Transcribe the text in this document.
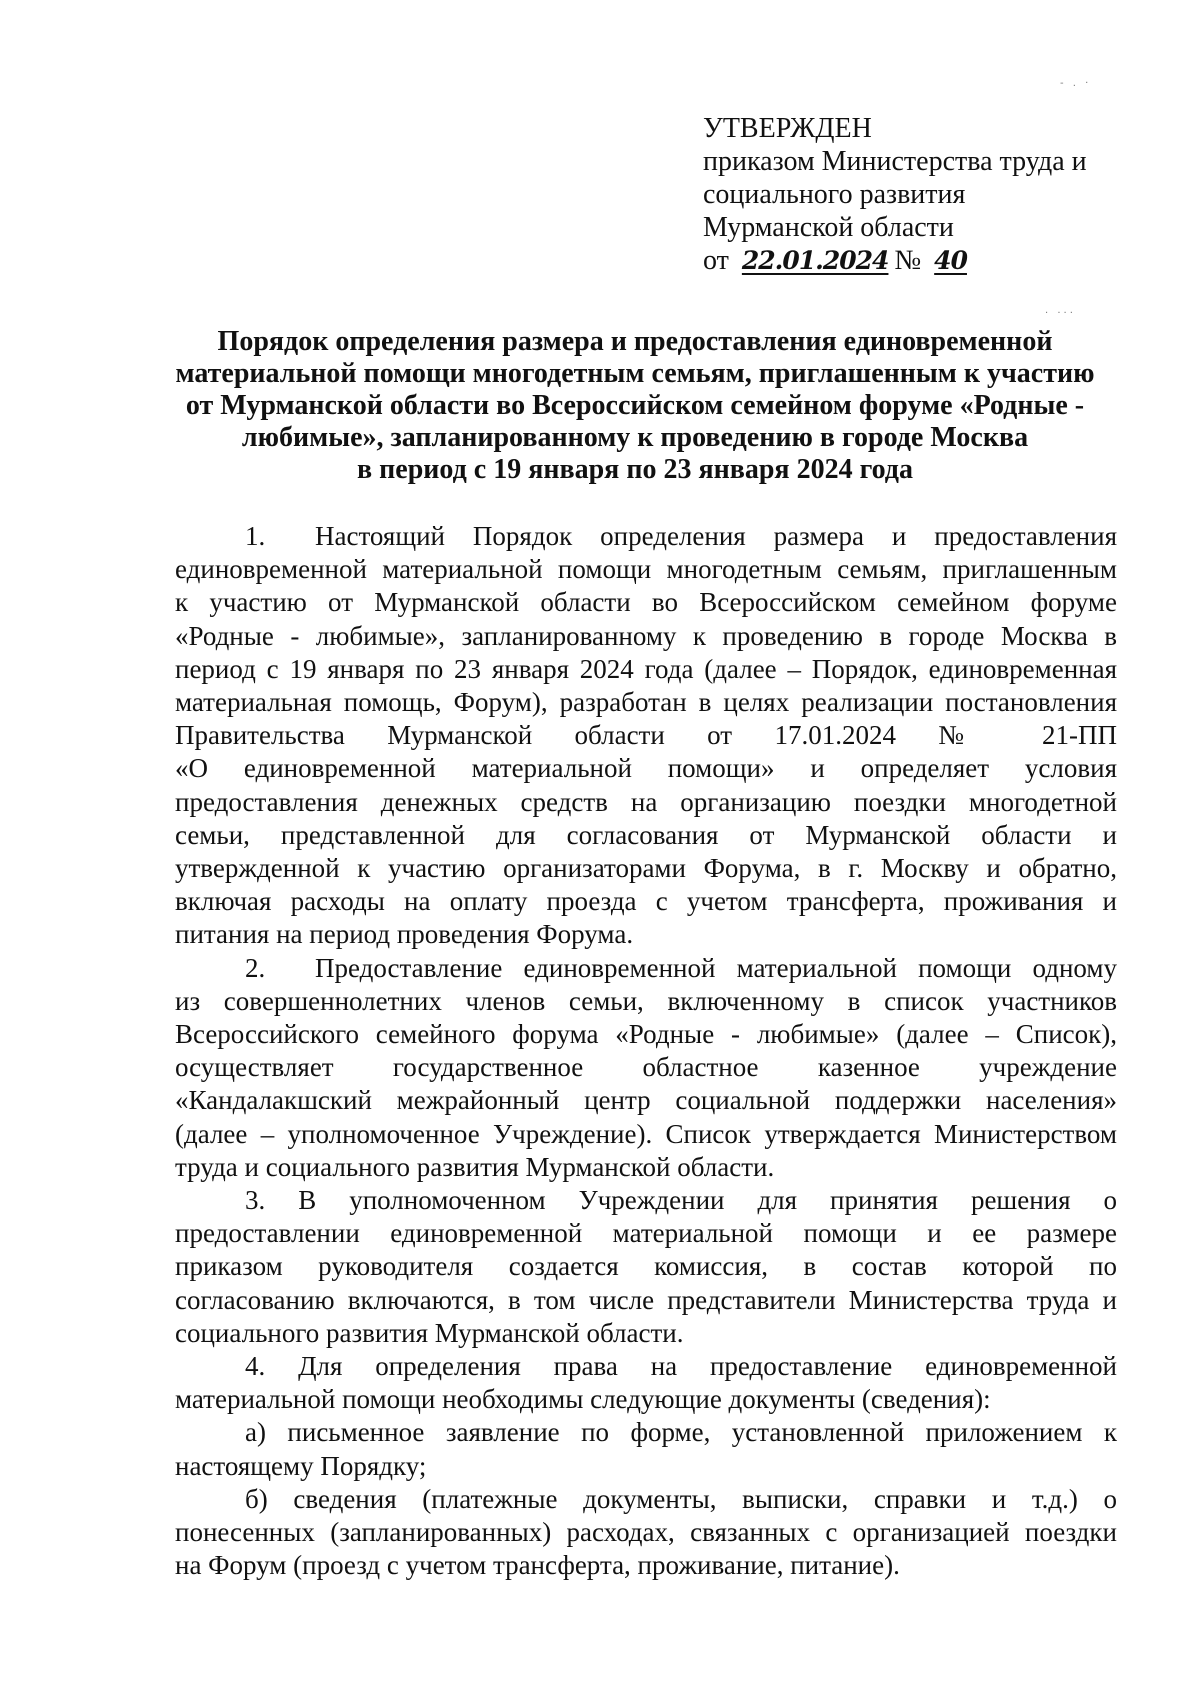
- . ·
. ...
УТВЕРЖДЕН
приказом Министерства труда и
социального развития
Мурманской области
от 22.01.2024 № 40
Порядок определения размера и предоставления единовременной
материальной помощи многодетным семьям, приглашенным к участию
от Мурманской области во Всероссийском семейном форуме «Родные -
любимые», запланированному к проведению в городе Москва
в период с 19 января по 23 января 2024 года
1. Настоящий Порядок определения размера и предоставления
единовременной материальной помощи многодетным семьям, приглашенным
к участию от Мурманской области во Всероссийском семейном форуме
«Родные - любимые», запланированному к проведению в городе Москва в
период с 19 января по 23 января 2024 года (далее – Порядок, единовременная
материальная помощь, Форум), разработан в целях реализации постановления
Правительства Мурманской области от 17.01.2024 № 21-ПП
«О единовременной материальной помощи» и определяет условия
предоставления денежных средств на организацию поездки многодетной
семьи, представленной для согласования от Мурманской области и
утвержденной к участию организаторами Форума, в г. Москву и обратно,
включая расходы на оплату проезда с учетом трансферта, проживания и
питания на период проведения Форума.
2. Предоставление единовременной материальной помощи одному
из совершеннолетних членов семьи, включенному в список участников
Всероссийского семейного форума «Родные - любимые» (далее – Список),
осуществляет государственное областное казенное учреждение
«Кандалакшский межрайонный центр социальной поддержки населения»
(далее – уполномоченное Учреждение). Список утверждается Министерством
труда и социального развития Мурманской области.
3. В уполномоченном Учреждении для принятия решения о
предоставлении единовременной материальной помощи и ее размере
приказом руководителя создается комиссия, в состав которой по
согласованию включаются, в том числе представители Министерства труда и
социального развития Мурманской области.
4. Для определения права на предоставление единовременной
материальной помощи необходимы следующие документы (сведения):
а) письменное заявление по форме, установленной приложением к
настоящему Порядку;
б) сведения (платежные документы, выписки, справки и т.д.) о
понесенных (запланированных) расходах, связанных с организацией поездки
на Форум (проезд с учетом трансферта, проживание, питание).
